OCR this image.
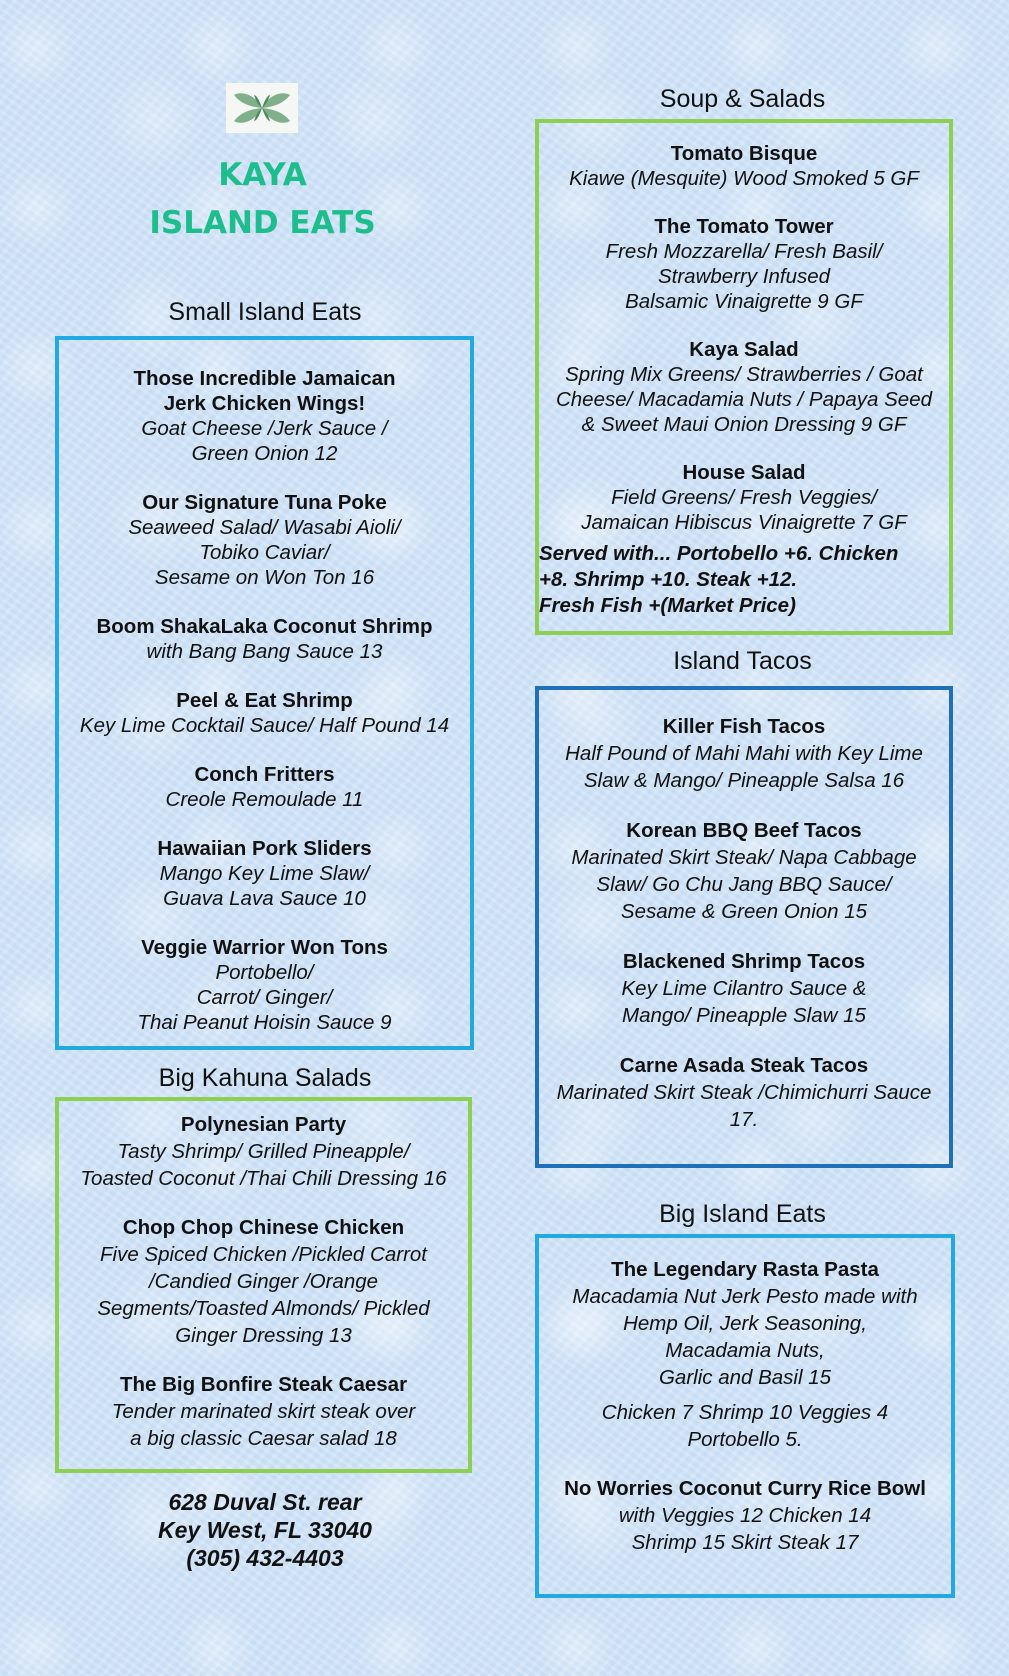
KAYA
ISLAND EATS
Small Island Eats
Those Incredible Jamaican
Jerk Chicken Wings!
Goat Cheese /Jerk Sauce /
Green Onion 12
Our Signature Tuna Poke
Seaweed Salad/ Wasabi Aioli/
Tobiko Caviar/
Sesame on Won Ton 16
Boom ShakaLaka Coconut Shrimp
with Bang Bang Sauce 13
Peel & Eat Shrimp
Key Lime Cocktail Sauce/ Half Pound 14
Conch Fritters
Creole Remoulade 11
Hawaiian Pork Sliders
Mango Key Lime Slaw/
Guava Lava Sauce 10
Veggie Warrior Won Tons
Portobello/
Carrot/ Ginger/
Thai Peanut Hoisin Sauce 9
Big Kahuna Salads
Polynesian Party
Tasty Shrimp/ Grilled Pineapple/
Toasted Coconut /Thai Chili Dressing 16
Chop Chop Chinese Chicken
Five Spiced Chicken /Pickled Carrot
/Candied Ginger /Orange
Segments/Toasted Almonds/ Pickled
Ginger Dressing 13
The Big Bonfire Steak Caesar
Tender marinated skirt steak over
a big classic Caesar salad 18
628 Duval St. rear
Key West, FL 33040
(305) 432-4403
Soup & Salads
Tomato Bisque
Kiawe (Mesquite) Wood Smoked 5 GF
The Tomato Tower
Fresh Mozzarella/ Fresh Basil/
Strawberry Infused
Balsamic Vinaigrette 9 GF
Kaya Salad
Spring Mix Greens/ Strawberries / Goat
Cheese/ Macadamia Nuts / Papaya Seed
& Sweet Maui Onion Dressing 9 GF
House Salad
Field Greens/ Fresh Veggies/
Jamaican Hibiscus Vinaigrette 7 GF
Served with... Portobello +6. Chicken
+8. Shrimp +10. Steak +12.
Fresh Fish +(Market Price)
Island Tacos
Killer Fish Tacos
Half Pound of Mahi Mahi with Key Lime
Slaw & Mango/ Pineapple Salsa 16
Korean BBQ Beef Tacos
Marinated Skirt Steak/ Napa Cabbage
Slaw/ Go Chu Jang BBQ Sauce/
Sesame & Green Onion 15
Blackened Shrimp Tacos
Key Lime Cilantro Sauce &
Mango/ Pineapple Slaw 15
Carne Asada Steak Tacos
Marinated Skirt Steak /Chimichurri Sauce
17.
Big Island Eats
The Legendary Rasta Pasta
Macadamia Nut Jerk Pesto made with
Hemp Oil, Jerk Seasoning,
Macadamia Nuts,
Garlic and Basil 15
Chicken 7 Shrimp 10 Veggies 4
Portobello 5.
No Worries Coconut Curry Rice Bowl
with Veggies 12 Chicken 14
Shrimp 15 Skirt Steak 17
